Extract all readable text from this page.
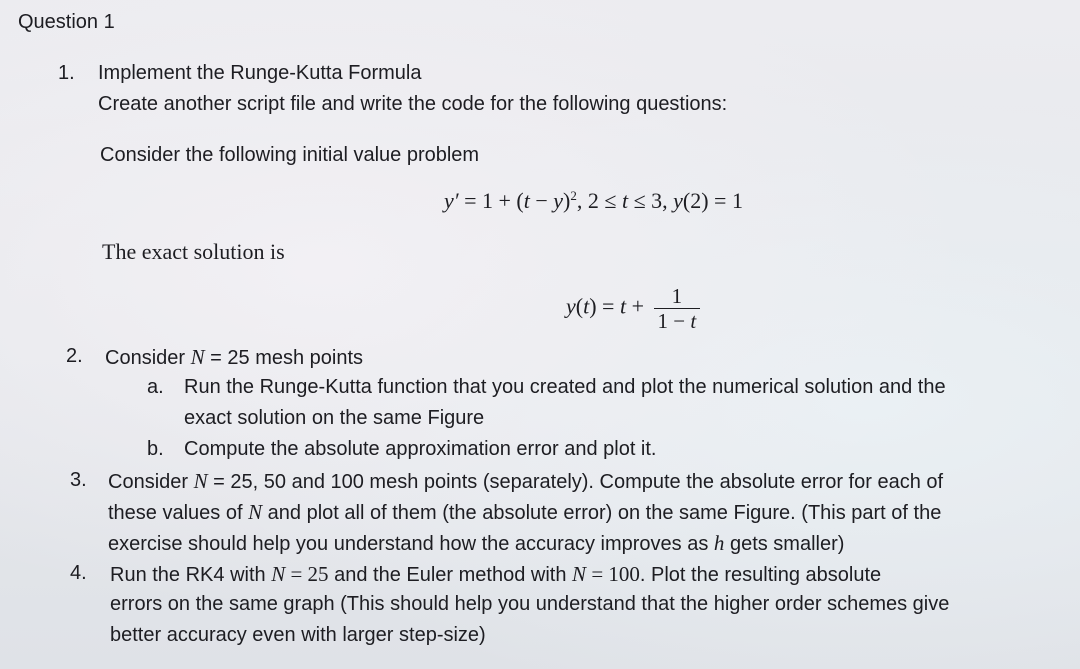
Question 1
1. Implement the Runge-Kutta Formula
Create another script file and write the code for the following questions:
Consider the following initial value problem
$y' = 1 + (t - y)^2$, 2 ≤ t ≤ 3, y(2) = 1
The exact solution is
$y(t) = t + \frac{1}{1 - t}$
2. Consider N = 25 mesh points
a. Run the Runge-Kutta function that you created and plot the numerical solution and the
exact solution on the same Figure
b. Compute the absolute approximation error and plot it.
3. Consider N = 25, 50 and 100 mesh points (separately). Compute the absolute error for each of
these values of N and plot all of them (the absolute error) on the same Figure. (This part of the
exercise should help you understand how the accuracy improves as h gets smaller)
4. Run the RK4 with N = 25 and the Euler method with N = 100. Plot the resulting absolute
errors on the same graph (This should help you understand that the higher order schemes give
better accuracy even with larger step-size)
